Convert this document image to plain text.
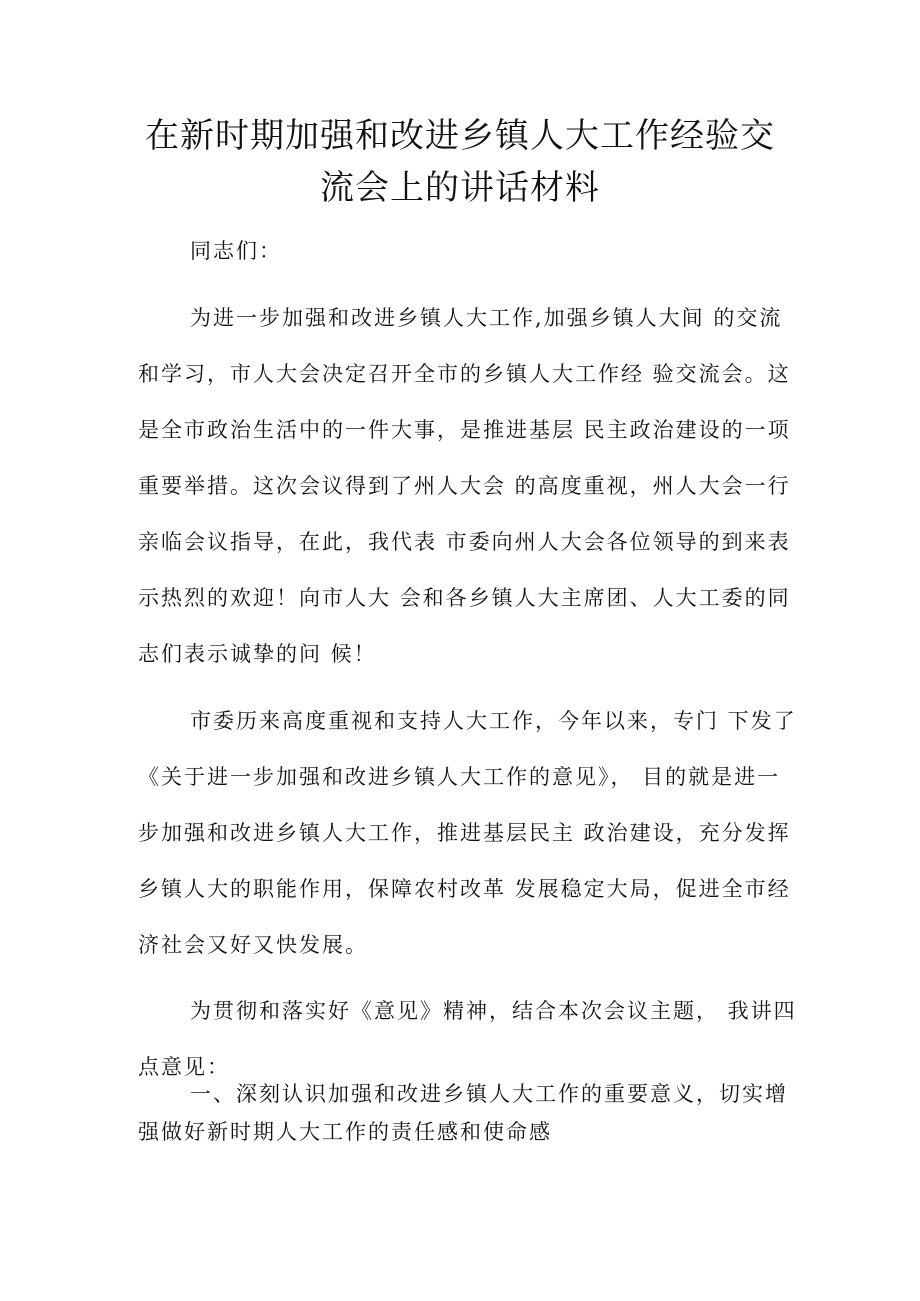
在新时期加强和改进乡镇人大工作经验交
流会上的讲话材料

同志们：

为进一步加强和改进乡镇人大工作,加强乡镇人大间 的交流
和学习，市人大会决定召开全市的乡镇人大工作经 验交流会。这
是全市政治生活中的一件大事，是推进基层 民主政治建设的一项
重要举措。这次会议得到了州人大会 的高度重视，州人大会一行
亲临会议指导，在此，我代表 市委向州人大会各位领导的到来表
示热烈的欢迎！向市人大 会和各乡镇人大主席团、人大工委的同
志们表示诚挚的问 候！

市委历来高度重视和支持人大工作，今年以来，专门 下发了
《关于进一步加强和改进乡镇人大工作的意见》， 目的就是进一
步加强和改进乡镇人大工作，推进基层民主 政治建设，充分发挥
乡镇人大的职能作用，保障农村改革 发展稳定大局，促进全市经
济社会又好又快发展。

为贯彻和落实好《意见》精神，结合本次会议主题， 我讲四
点意见：

一、深刻认识加强和改进乡镇人大工作的重要意义，切实增
强做好新时期人大工作的责任感和使命感
